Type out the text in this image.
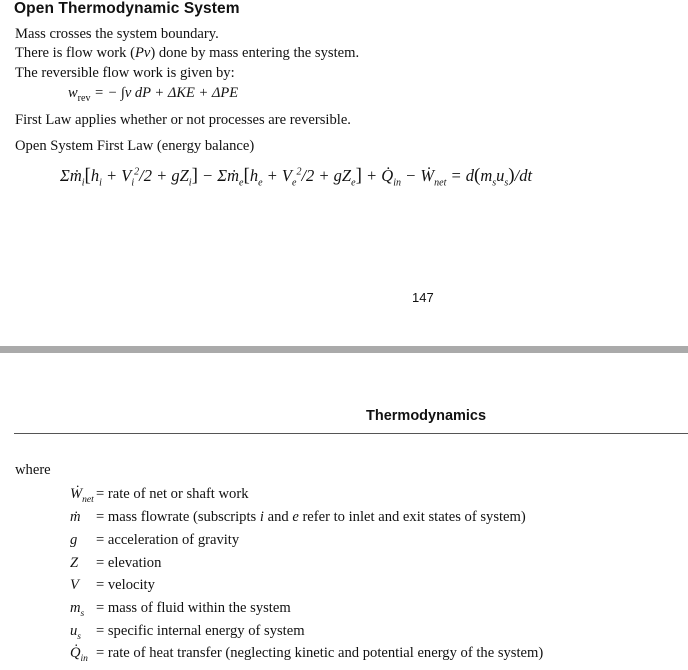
Open Thermodynamic System
Mass crosses the system boundary.
There is flow work (Pv) done by mass entering the system.
The reversible flow work is given by:
$w_{rev}$ = − ∫v dP + ΔKE + ΔPE
First Law applies whether or not processes are reversible.
Open System First Law (energy balance)
$\Sigma ṁ_i[h_i + V_i^2/2 + gZ_i]$ − $\Sigma ṁ_e[h_e + V_e^2/2 + gZ_e]$ + $Q̇_{in}$ − Ẇ$_{net}$ = $d(m_su_s)/dt$
147
Thermodynamics
where
Ẇ$_{net}$ = rate of net or shaft work
ṁ = mass flowrate (subscripts i and e refer to inlet and exit states of system)
g = acceleration of gravity
Z = elevation
V = velocity
$m_s$ = mass of fluid within the system
$u_s$ = specific internal energy of system
$Q̇_{in}$ = rate of heat transfer (neglecting kinetic and potential energy of the system)
